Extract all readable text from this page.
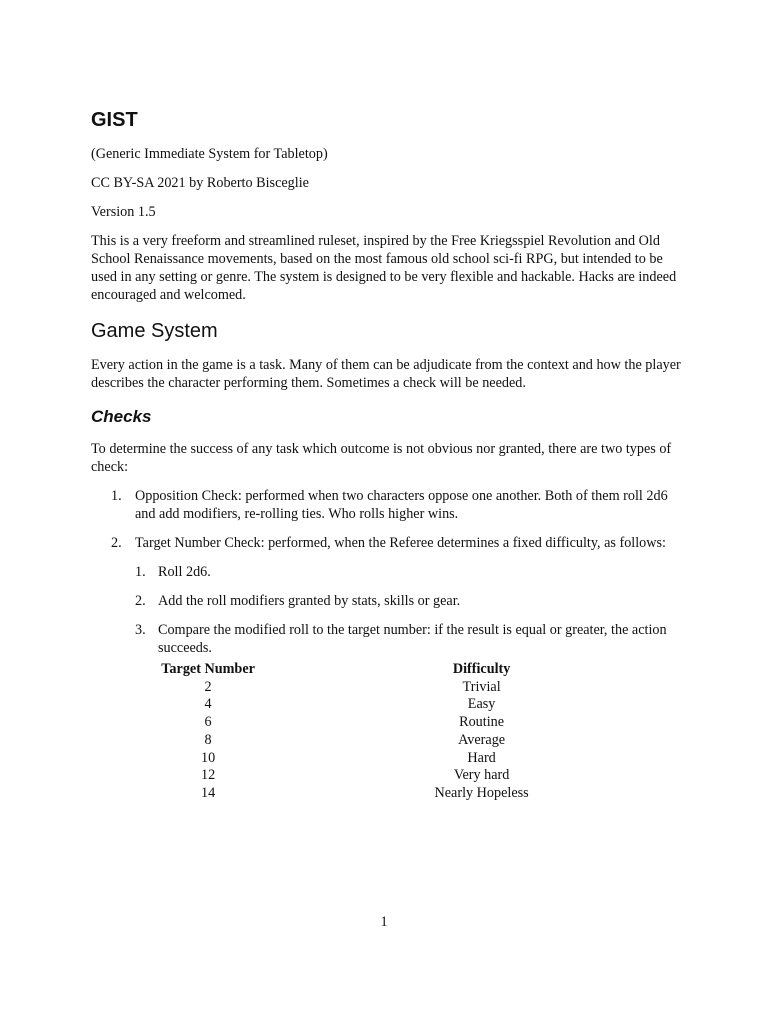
GIST

(Generic Immediate System for Tabletop)

CC BY-SA 2021 by Roberto Bisceglie

Version 1.5

This is a very freeform and streamlined ruleset, inspired by the Free Kriegsspiel Revolution and Old School Renaissance movements, based on the most famous old school sci-fi RPG, but intended to be used in any setting or genre. The system is designed to be very flexible and hackable. Hacks are indeed encouraged and welcomed.

Game System

Every action in the game is a task. Many of them can be adjudicate from the context and how the player describes the character performing them. Sometimes a check will be needed.

Checks

To determine the success of any task which outcome is not obvious nor granted, there are two types of check:

1. Opposition Check: performed when two characters oppose one another. Both of them roll 2d6 and add modifiers, re-rolling ties. Who rolls higher wins.
2. Target Number Check: performed, when the Referee determines a fixed difficulty, as follows:
1. Roll 2d6.
2. Add the roll modifiers granted by stats, skills or gear.
3. Compare the modified roll to the target number: if the result is equal or greater, the action succeeds.
Target Number	Difficulty
2	Trivial
4	Easy
6	Routine
8	Average
10	Hard
12	Very hard
14	Nearly Hopeless
1
